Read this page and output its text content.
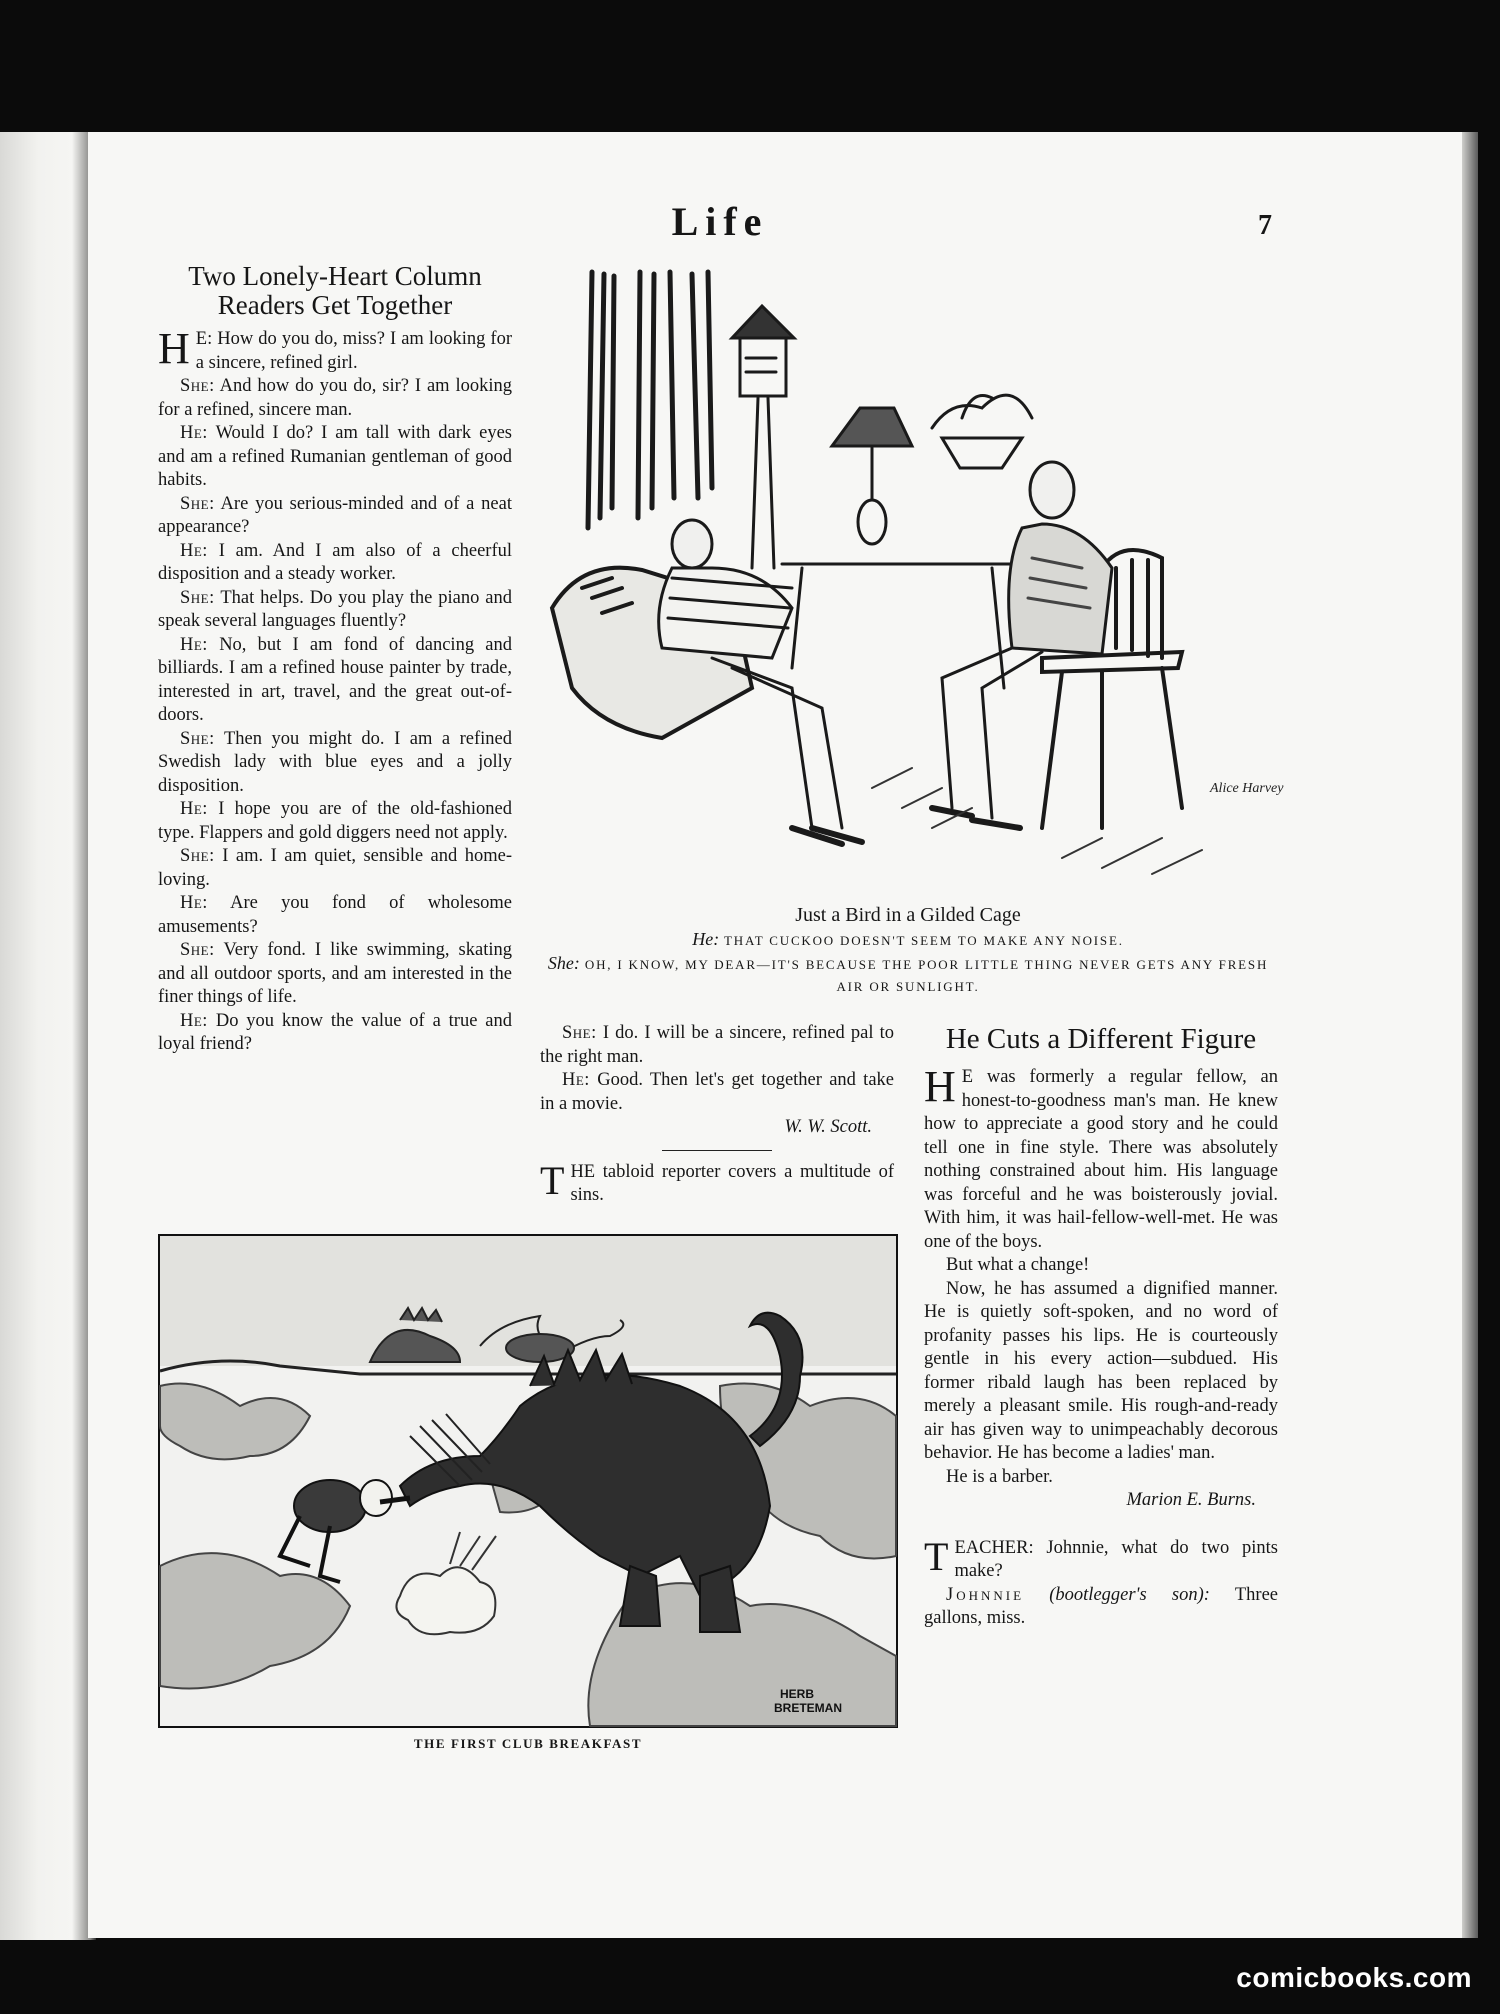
Life	7
Two Lonely-Heart Column Readers Get Together

H E: How do you do, miss? I am looking for a sincere, refined girl.

She: And how do you do, sir? I am looking for a refined, sincere man.

He: Would I do? I am tall with dark eyes and am a refined Rumanian gentleman of good habits.

She: Are you serious-minded and of a neat appearance?

He: I am. And I am also of a cheerful disposition and a steady worker.

She: That helps. Do you play the piano and speak several languages fluently?

He: No, but I am fond of dancing and billiards. I am a refined house painter by trade, interested in art, travel, and the great out-of-doors.

She: Then you might do. I am a refined Swedish lady with blue eyes and a jolly disposition.

He: I hope you are of the old-fashioned type. Flappers and gold diggers need not apply.

She: I am. I am quiet, sensible and home-loving.

He: Are you fond of wholesome amusements?

She: Very fond. I like swimming, skating and all outdoor sports, and am interested in the finer things of life.

He: Do you know the value of a true and loyal friend?

Alice Harvey
Just a Bird in a Gilded Cage
He: THAT CUCKOO DOESN'T SEEM TO MAKE ANY NOISE.
She: OH, I KNOW, MY DEAR—IT'S BECAUSE THE POOR LITTLE THING NEVER GETS ANY FRESH AIR OR SUNLIGHT.

She: I do. I will be a sincere, refined pal to the right man.

He: Good. Then let's get together and take in a movie.

W. W. Scott.

THE tabloid reporter covers a multitude of sins.

He Cuts a Different Figure

H E was formerly a regular fellow, an honest-to-goodness man's man. He knew how to appreciate a good story and he could tell one in fine style. There was absolutely nothing constrained about him. His language was forceful and he was boisterously jovial. With him, it was hail-fellow-well-met. He was one of the boys.

But what a change!

Now, he has assumed a dignified manner. He is quietly soft-spoken, and no word of profanity passes his lips. He is courteously gentle in his every action—subdued. His former ribald laugh has been replaced by merely a pleasant smile. His rough-and-ready air has given way to unimpeachably decorous behavior. He has become a ladies' man.

He is a barber.

Marion E. Burns.

TEACHER: Johnnie, what do two pints make?

Johnnie (bootlegger's son): Three gallons, miss.

HERB
BRETEMAN
THE FIRST CLUB BREAKFAST
comicbooks.com
